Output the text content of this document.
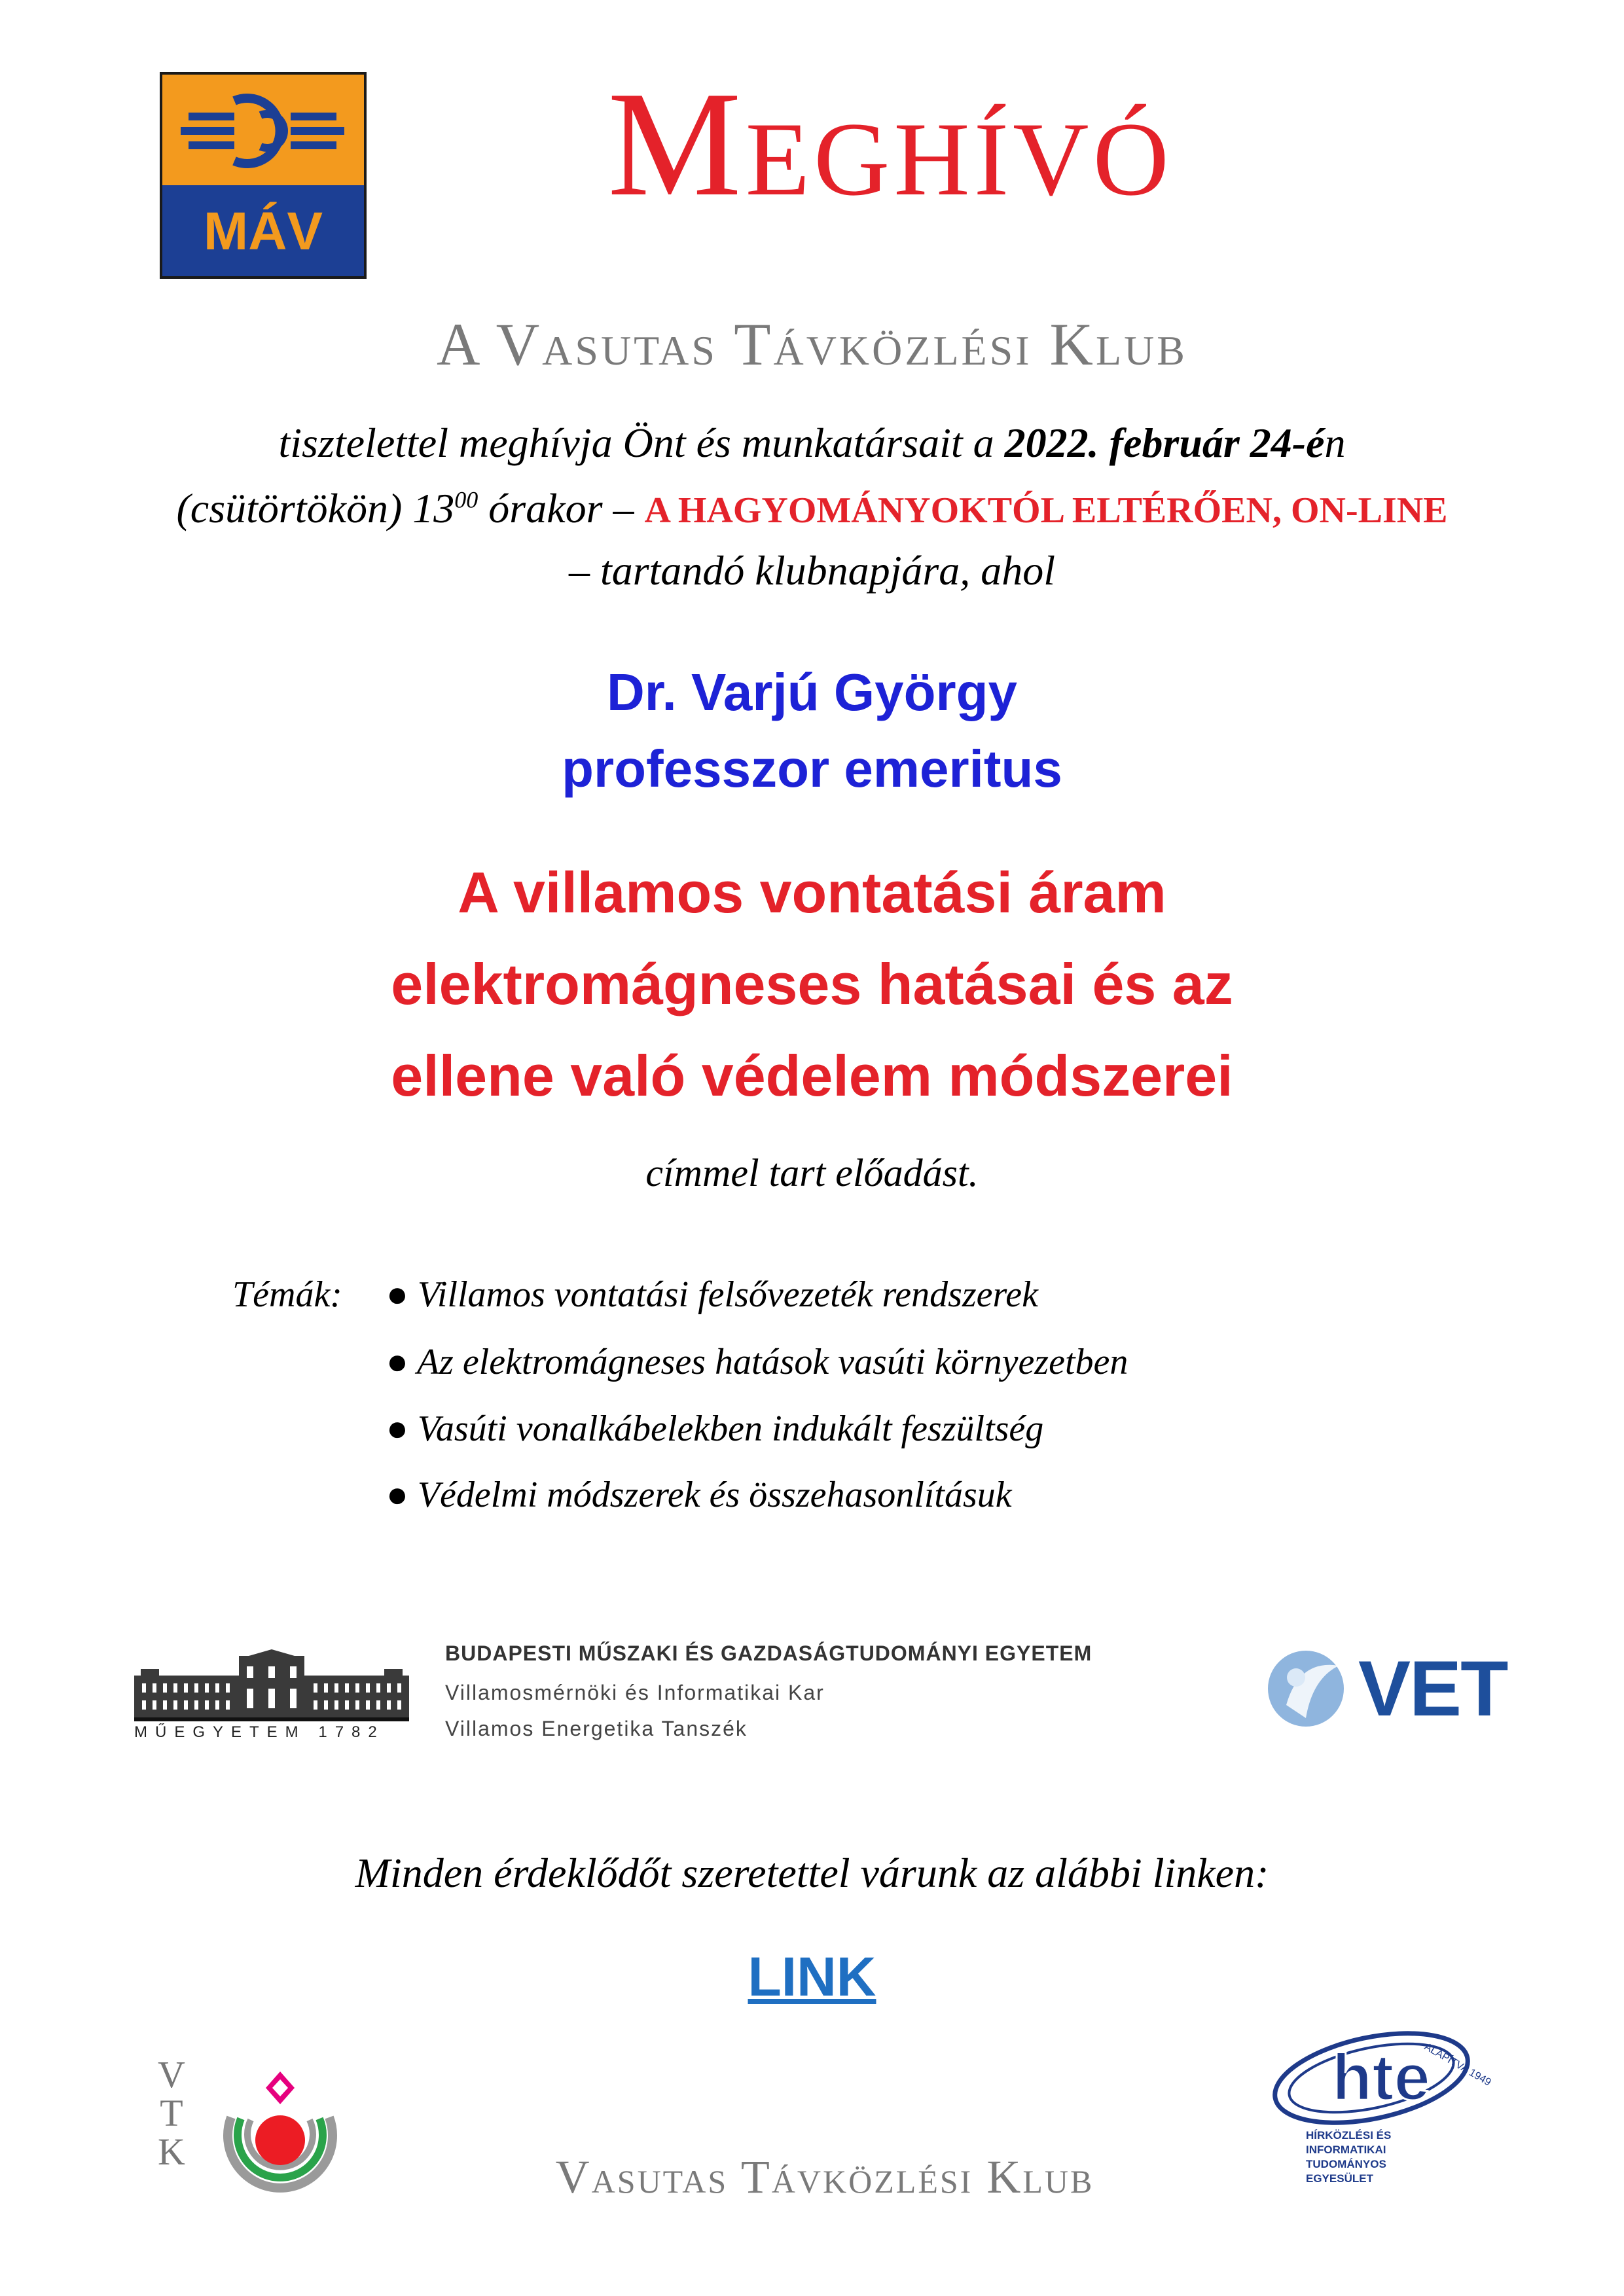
MÁV
Meghívó
A Vasutas Távközlési Klub
tisztelettel meghívja Önt és munkatársait a 2022. február 24-én
(csütörtökön) $13^{00}$ órakor – A HAGYOMÁNYOKTÓL ELTÉRŐEN, ON-LINE
– tartandó klubnapjára, ahol
Dr. Varjú György
professzor emeritus
A villamos vontatási áram
elektromágneses hatásai és az
ellene való védelem módszerei
címmel tart előadást.
Témák: ● Villamos vontatási felsővezeték rendszerek
● Az elektromágneses hatások vasúti környezetben
● Vasúti vonalkábelekben indukált feszültség
● Védelmi módszerek és összehasonlításuk
MŰEGYETEM 1782
BUDAPESTI MŰSZAKI ÉS GAZDASÁGTUDOMÁNYI EGYETEM
Villamosmérnöki és Informatikai Kar
Villamos Energetika Tanszék	VET
Minden érdeklődőt szeretettel várunk az alábbi linken:
LINK
V
T
K	Vasutas Távközlési Klub
hte
ALAPÍTVA 1949
HÍRKÖZLÉSI ÉS
INFORMATIKAI
TUDOMÁNYOS
EGYESÜLET
